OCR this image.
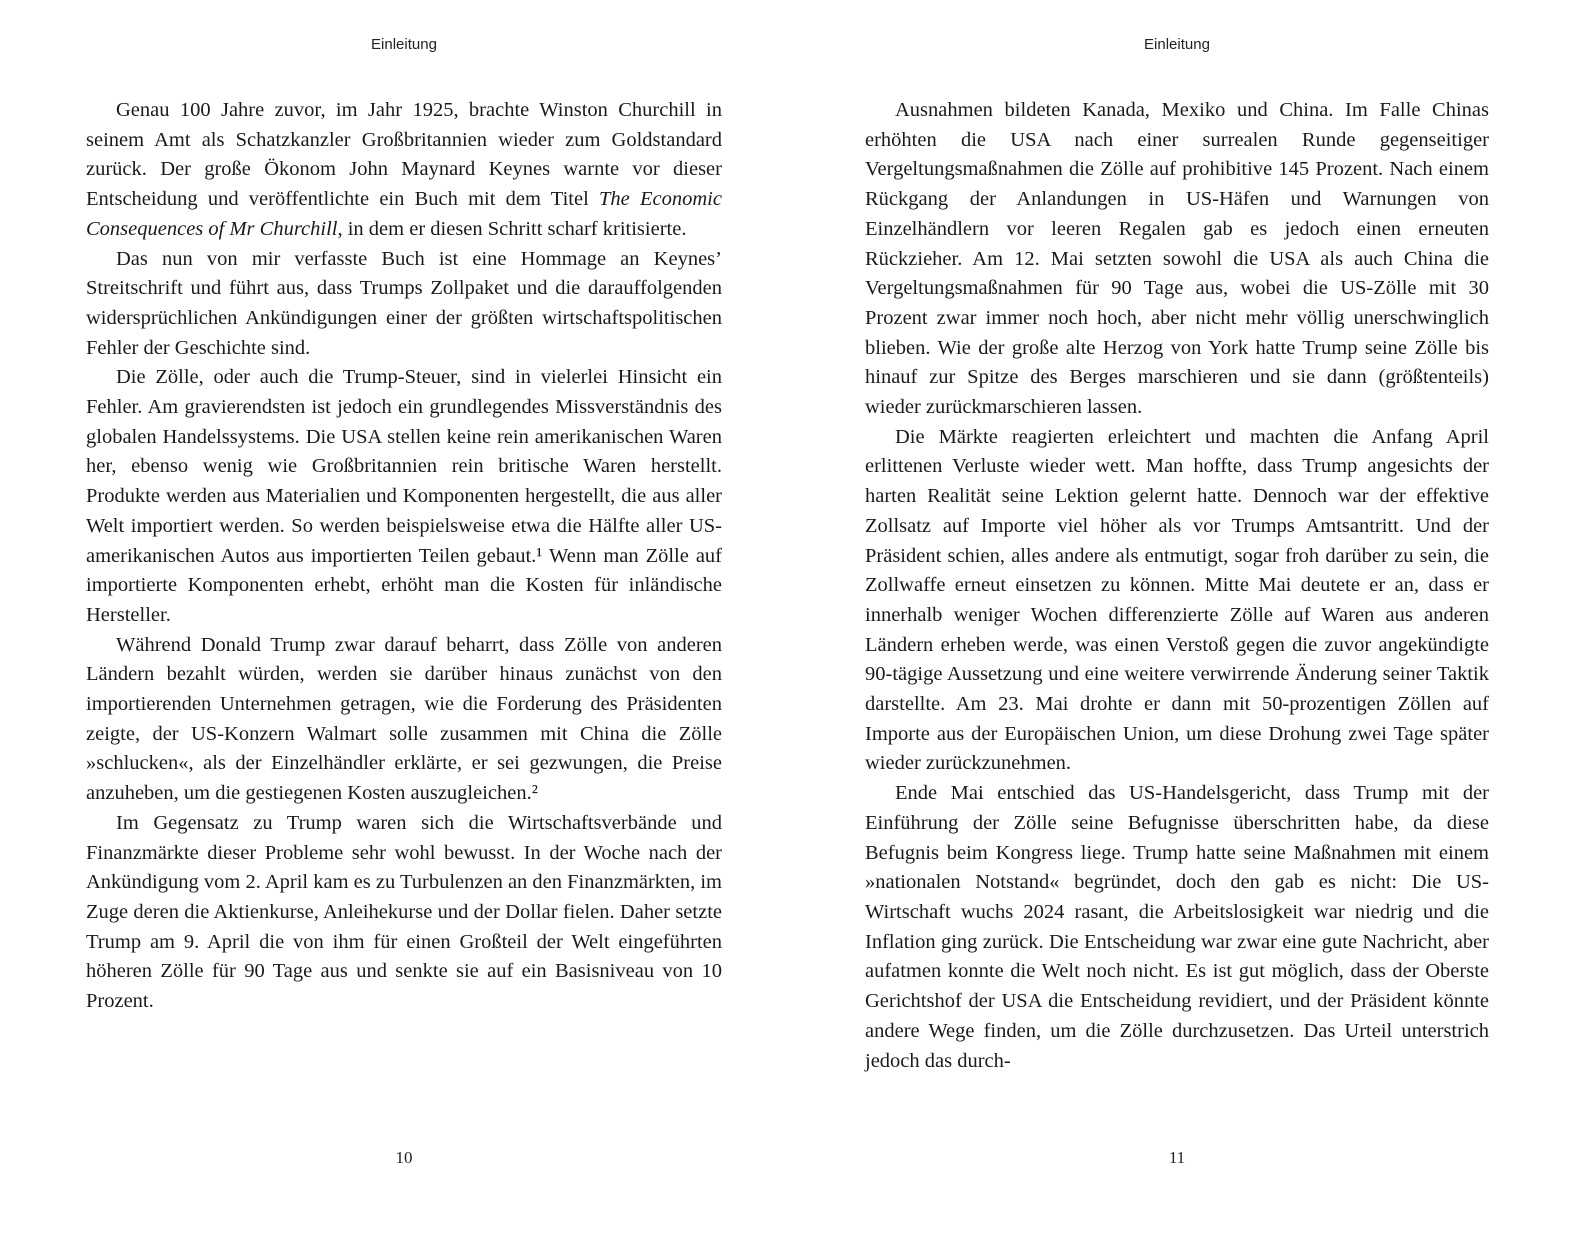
Einleitung

Genau 100 Jahre zuvor, im Jahr 1925, brachte Winston Churchill in seinem Amt als Schatzkanzler Großbritannien wieder zum Goldstandard zurück. Der große Ökonom John Maynard Keynes warnte vor dieser Entscheidung und veröffentlichte ein Buch mit dem Titel The Economic Consequences of Mr Churchill, in dem er diesen Schritt scharf kritisierte.

Das nun von mir verfasste Buch ist eine Hommage an Keynes’ Streitschrift und führt aus, dass Trumps Zollpaket und die darauffolgenden widersprüchlichen Ankündigungen einer der größten wirtschaftspolitischen Fehler der Geschichte sind.

Die Zölle, oder auch die Trump-Steuer, sind in vielerlei Hinsicht ein Fehler. Am gravierendsten ist jedoch ein grundlegendes Missverständnis des globalen Handelssystems. Die USA stellen keine rein amerikanischen Waren her, ebenso wenig wie Großbritannien rein britische Waren herstellt. Produkte werden aus Materialien und Komponenten hergestellt, die aus aller Welt importiert werden. So werden beispielsweise etwa die Hälfte aller US-amerikanischen Autos aus importierten Teilen gebaut.¹ Wenn man Zölle auf importierte Komponenten erhebt, erhöht man die Kosten für inländische Hersteller.

Während Donald Trump zwar darauf beharrt, dass Zölle von anderen Ländern bezahlt würden, werden sie darüber hinaus zunächst von den importierenden Unternehmen getragen, wie die Forderung des Präsidenten zeigte, der US-Konzern Walmart solle zusammen mit China die Zölle »schlucken«, als der Einzelhändler erklärte, er sei gezwungen, die Preise anzuheben, um die gestiegenen Kosten auszugleichen.²

Im Gegensatz zu Trump waren sich die Wirtschaftsverbände und Finanzmärkte dieser Probleme sehr wohl bewusst. In der Woche nach der Ankündigung vom 2. April kam es zu Turbulenzen an den Finanzmärkten, im Zuge deren die Aktienkurse, Anleihekurse und der Dollar fielen. Daher setzte Trump am 9. April die von ihm für einen Großteil der Welt eingeführten höheren Zölle für 90 Tage aus und senkte sie auf ein Basisniveau von 10 Prozent.

10
Einleitung

Ausnahmen bildeten Kanada, Mexiko und China. Im Falle Chinas erhöhten die USA nach einer surrealen Runde gegenseitiger Vergeltungsmaßnahmen die Zölle auf prohibitive 145 Prozent. Nach einem Rückgang der Anlandungen in US-Häfen und Warnungen von Einzelhändlern vor leeren Regalen gab es jedoch einen erneuten Rückzieher. Am 12. Mai setzten sowohl die USA als auch China die Vergeltungsmaßnahmen für 90 Tage aus, wobei die US-Zölle mit 30 Prozent zwar immer noch hoch, aber nicht mehr völlig unerschwinglich blieben. Wie der große alte Herzog von York hatte Trump seine Zölle bis hinauf zur Spitze des Berges marschieren und sie dann (größtenteils) wieder zurückmarschieren lassen.

Die Märkte reagierten erleichtert und machten die Anfang April erlittenen Verluste wieder wett. Man hoffte, dass Trump angesichts der harten Realität seine Lektion gelernt hatte. Dennoch war der effektive Zollsatz auf Importe viel höher als vor Trumps Amtsantritt. Und der Präsident schien, alles andere als entmutigt, sogar froh darüber zu sein, die Zollwaffe erneut einsetzen zu können. Mitte Mai deutete er an, dass er innerhalb weniger Wochen differenzierte Zölle auf Waren aus anderen Ländern erheben werde, was einen Verstoß gegen die zuvor angekündigte 90-tägige Aussetzung und eine weitere verwirrende Änderung seiner Taktik darstellte. Am 23. Mai drohte er dann mit 50-prozentigen Zöllen auf Importe aus der Europäischen Union, um diese Drohung zwei Tage später wieder zurückzunehmen.

Ende Mai entschied das US-Handelsgericht, dass Trump mit der Einführung der Zölle seine Befugnisse überschritten habe, da diese Befugnis beim Kongress liege. Trump hatte seine Maßnahmen mit einem »nationalen Notstand« begründet, doch den gab es nicht: Die US-Wirtschaft wuchs 2024 rasant, die Arbeitslosigkeit war niedrig und die Inflation ging zurück. Die Entscheidung war zwar eine gute Nachricht, aber aufatmen konnte die Welt noch nicht. Es ist gut möglich, dass der Oberste Gerichtshof der USA die Entscheidung revidiert, und der Präsident könnte andere Wege finden, um die Zölle durchzusetzen. Das Urteil unterstrich jedoch das durch-

11
